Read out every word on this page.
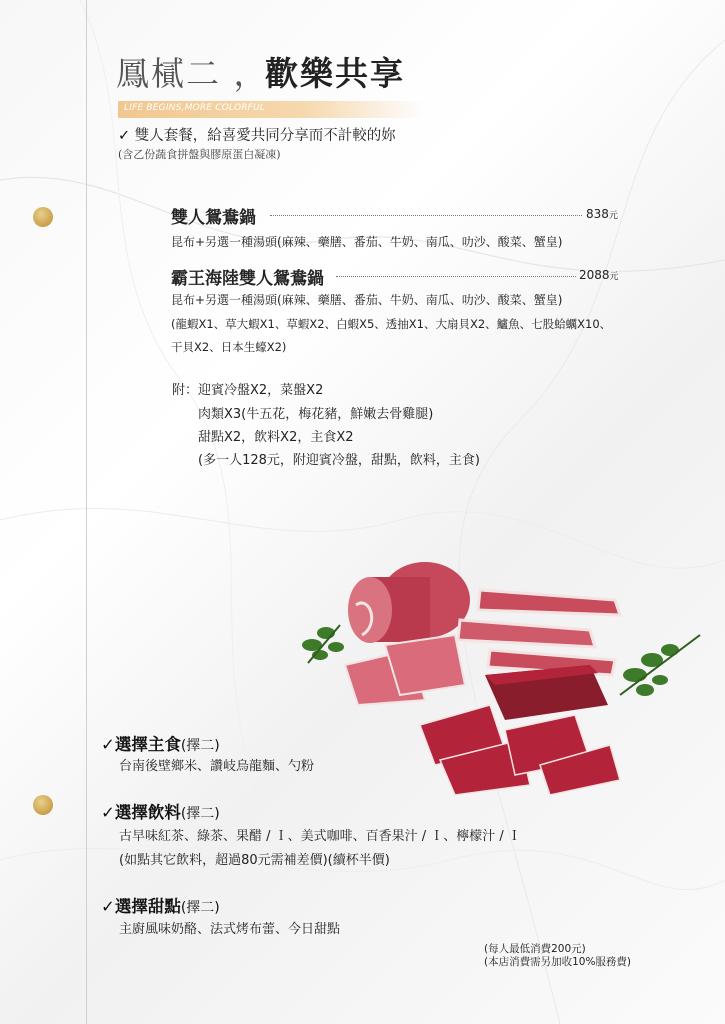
鳳樲二 ，
歡樂共享
LIFE BEGINS,MORE COLORFUL
✓ 雙人套餐，給喜愛共同分享而不計較的妳
(含乙份蔬食拼盤與膠原蛋白凝凍)
雙人鴛鴦鍋	838元
昆布+另選一種湯頭(麻辣、藥膳、番茄、牛奶、南瓜、叻沙、酸菜、蟹皇)
霸王海陸雙人鴛鴦鍋	2088元
昆布+另選一種湯頭(麻辣、藥膳、番茄、牛奶、南瓜、叻沙、酸菜、蟹皇)
(龍蝦X1、草大蝦X1、草蝦X2、白蝦X5、透抽X1、大扇貝X2、鱸魚、七股蛤蠣X10、
干貝X2、日本生蠔X2)
附：迎賓冷盤X2，菜盤X2
肉類X3(牛五花，梅花豬，鮮嫩去骨雞腿)
甜點X2，飲料X2，主食X2
(多一人128元，附迎賓冷盤，甜點，飲料，主食)
✓選擇主食(擇二)
台南後壁鄉米、讚岐烏龍麵、勺粉
✓選擇飲料(擇二)
古早味紅茶、綠茶、果醋 / Ｉ、美式咖啡、百香果汁 / Ｉ、檸檬汁 / Ｉ
(如點其它飲料，超過80元需補差價)(續杯半價)
✓選擇甜點(擇二)
主廚風味奶酪、法式烤布蕾、今日甜點
(每人最低消費200元)
(本店消費需另加收10%服務費)
